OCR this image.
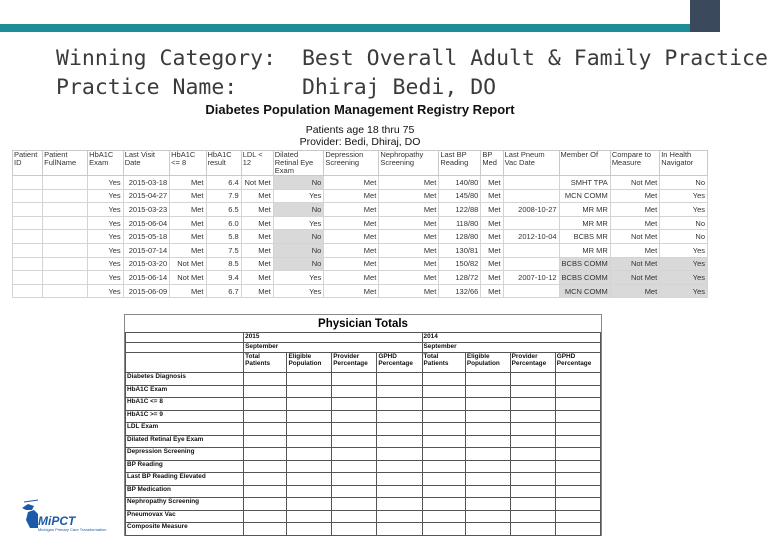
Winning Category: Best Overall Adult & Family Practice
Practice Name:	Dhiraj Bedi, DO
Diabetes Population Management Registry Report
Patients age 18 thru 75
Provider: Bedi, Dhiraj, DO
Patient ID	Patient FullName	HbA1C Exam	Last Visit Date	HbA1C <= 8	HbA1C result	LDL < 12	Dilated Retinal Eye Exam	Depression Screening	Nephropathy Screening	Last BP Reading	BP Med	Last Pneum Vac Date	Member Of	Compare to Measure	In Health Navigator
		Yes	2015-03-18	Met	6.4	Not Met	No	Met	Met	140/80	Met		SMHT TPA	Not Met	No
		Yes	2015-04-27	Met	7.9	Met	Yes	Met	Met	145/80	Met		MCN COMM	Met	Yes
		Yes	2015-03-23	Met	6.5	Met	No	Met	Met	122/88	Met	2008-10-27	MR MR	Met	Yes
		Yes	2015-06-04	Met	6.0	Met	Yes	Met	Met	118/80	Met		MR MR	Met	No
		Yes	2015-05-18	Met	5.8	Met	No	Met	Met	128/80	Met	2012-10-04	BCBS MR	Not Met	No
		Yes	2015-07-14	Met	7.5	Met	No	Met	Met	130/81	Met		MR MR	Met	Yes
		Yes	2015-03-20	Not Met	8.5	Met	No	Met	Met	150/82	Met		BCBS COMM	Not Met	Yes
		Yes	2015-06-14	Not Met	9.4	Met	Yes	Met	Met	128/72	Met	2007-10-12	BCBS COMM	Not Met	Yes
		Yes	2015-06-09	Met	6.7	Met	Yes	Met	Met	132/66	Met		MCN COMM	Met	Yes
Physician Totals
	2015				2014			
	September				September			
	Total Patients	Eligible Population	Provider Percentage	GPHD Percentage	Total Patients	Eligible Population	Provider Percentage	GPHD Percentage
Diabetes Diagnosis								
HbA1C Exam								
HbA1C <= 8								
HbA1C >= 9								
LDL Exam								
Dilated Retinal Eye Exam								
Depression Screening								
BP Reading								
Last BP Reading Elevated								
BP Medication								
Nephropathy Screening								
Pneumovax Vac								
Composite Measure								
MiPCT
Michigan Primary Care Transformation
